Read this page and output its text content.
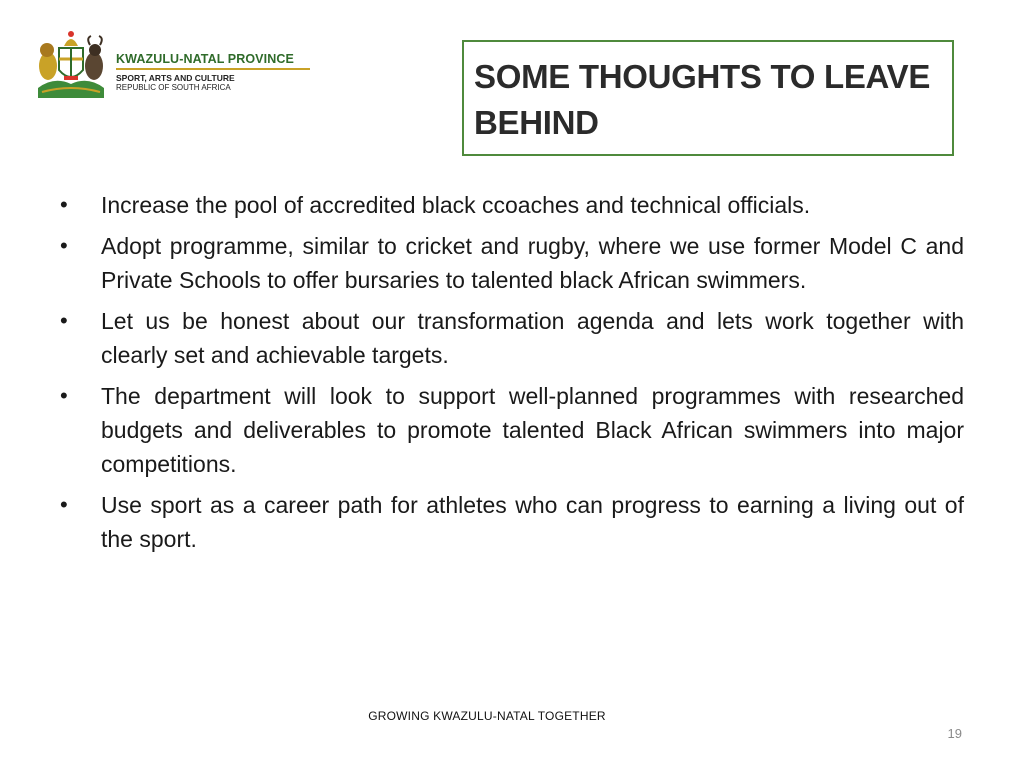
KWAZULU-NATAL PROVINCE
SPORT, ARTS AND CULTURE
REPUBLIC OF SOUTH AFRICA	SOME THOUGHTS TO LEAVE
BEHIND
• Increase the pool of accredited black ccoaches and technical officials.
• Adopt programme, similar to cricket and rugby, where we use former Model C and Private Schools to offer bursaries to talented black African swimmers.
• Let us be honest about our transformation agenda and lets work together with clearly set and achievable targets.
• The department will look to support well-planned programmes with researched budgets and deliverables to promote talented Black African swimmers into major competitions.
• Use sport as a career path for athletes who can progress to earning a living out of the sport.
GROWING KWAZULU-NATAL TOGETHER
19
